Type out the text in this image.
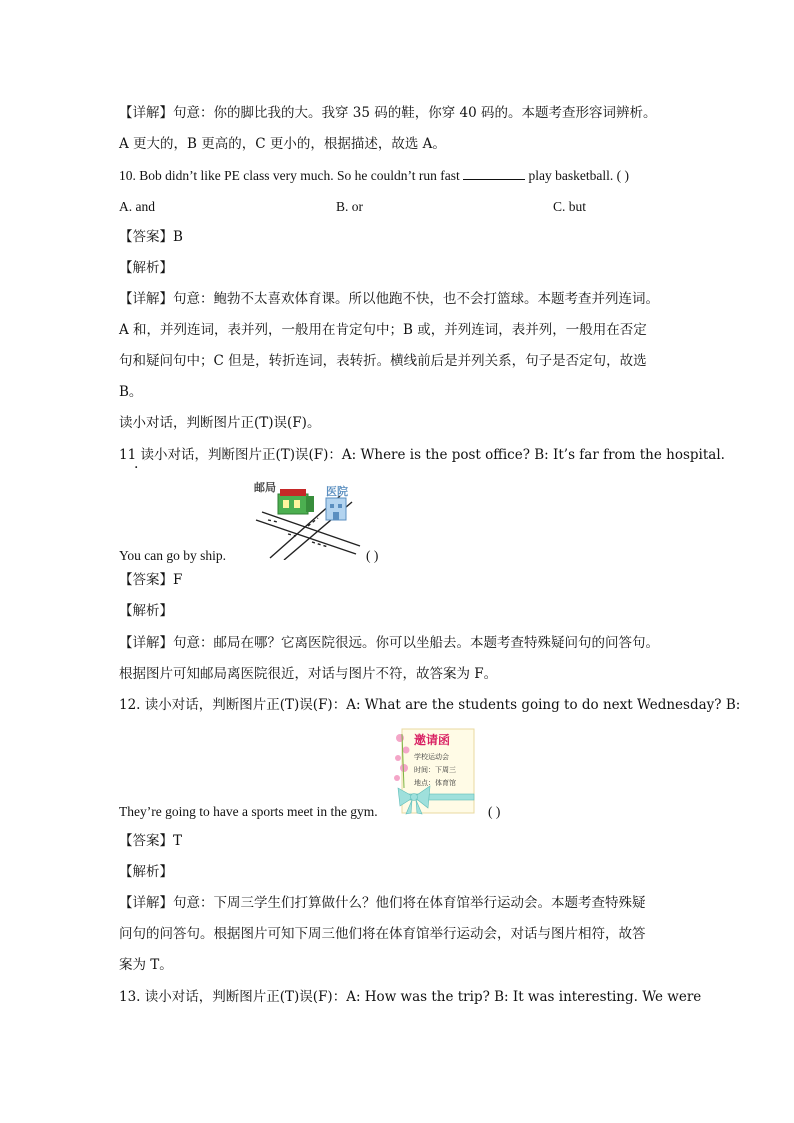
【详解】句意：你的脚比我的大。我穿 35 码的鞋，你穿 40 码的。本题考查形容词辨析。
A 更大的，B 更高的，C 更小的，根据描述，故选 A。
10. Bob didn’t like PE class very much. So he couldn’t run fast	play basketball. ( )
A. and	B. or	C. but
【答案】B
【解析】
【详解】句意：鲍勃不太喜欢体育课。所以他跑不快，也不会打篮球。本题考查并列连词。
A 和，并列连词，表并列，一般用在肯定句中；B 或，并列连词，表并列，一般用在否定
句和疑问句中；C 但是，转折连词，表转折。横线前后是并列关系，句子是否定句，故选
B。
读小对话，判断图片正(T)误(F)。
11 读小对话，判断图片正(T)误(F)：A: Where is the post office? B: It’s far from the hospital.
·
邮局	医院
You can go by ship.	( )
【答案】F
【解析】
【详解】句意：邮局在哪？它离医院很远。你可以坐船去。本题考查特殊疑问句的问答句。
根据图片可知邮局离医院很近，对话与图片不符，故答案为 F。
12. 读小对话，判断图片正(T)误(F)：A: What are the students going to do next Wednesday? B:
邀请函
学校运动会
时间：下周三
地点：体育馆
They’re going to have a sports meet in the gym.	( )
【答案】T
【解析】
【详解】句意：下周三学生们打算做什么？他们将在体育馆举行运动会。本题考查特殊疑
问句的问答句。根据图片可知下周三他们将在体育馆举行运动会，对话与图片相符，故答
案为 T。
13. 读小对话，判断图片正(T)误(F)：A: How was the trip? B: It was interesting. We were
